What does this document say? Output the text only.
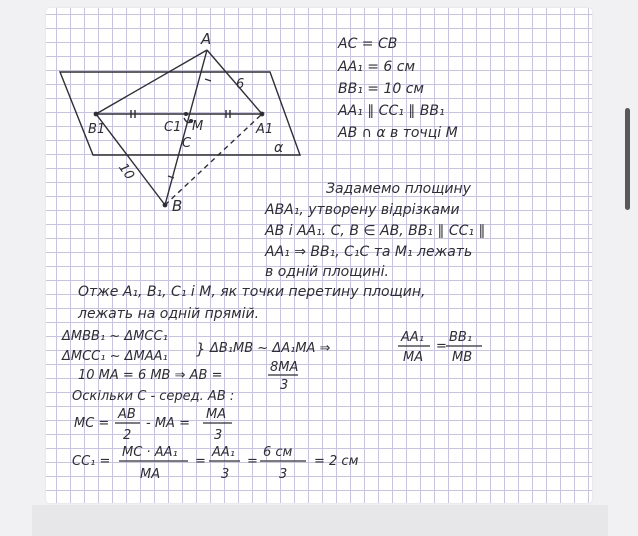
A
B
B1	C1 M
C
A1
α
6
10
AC = CB
AA₁ = 6 см
BB₁ = 10 см
AA₁ ∥ CC₁ ∥ BB₁
AB ∩ α в точці M
Задамемо площину
ABA₁, утворену відрізками
AB і AA₁. C, B ∈ AB, BB₁ ∥ CC₁ ∥
AA₁ ⇒ BB₁, C₁C та M₁ лежать
в одній площині.
Отже A₁, B₁, C₁ і M, як точки перетину площин,
лежать на одній прямій.
ΔMBB₁ ~ ΔMCC₁
ΔMCC₁ ~ ΔMAA₁ } ΔB₁MB ~ ΔA₁MA ⇒
AA₁
MA
=
BB₁
MB
10 MA = 6 MB ⇒ AB =
8MA
3
Оскільки C - серед. AB :
MC =
AB
2
- MA =
MA
3
CC₁ =
MC · AA₁
MA
=
AA₁
3
=
6 см
3
= 2 см
